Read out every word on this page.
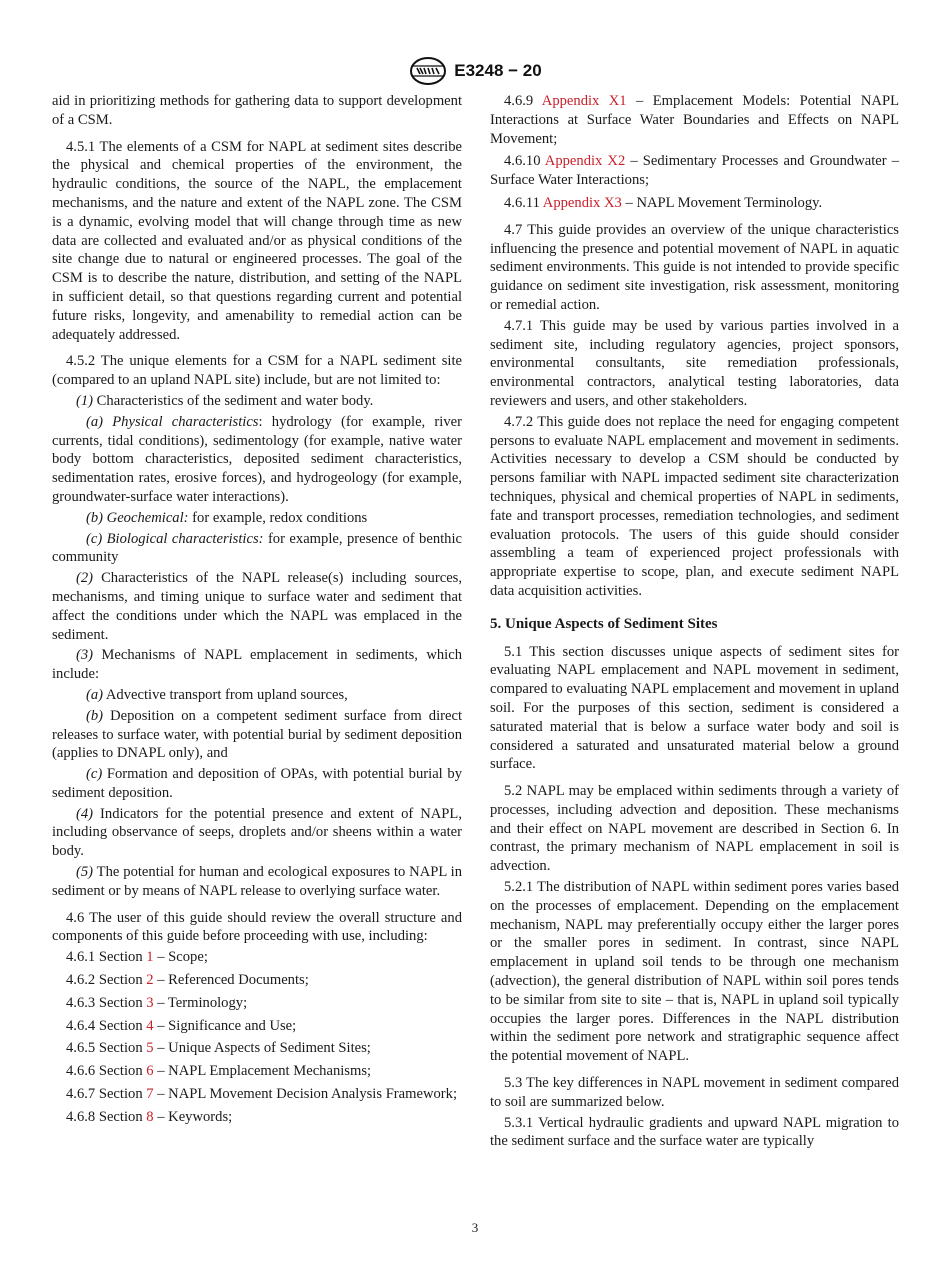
E3248 − 20

aid in prioritizing methods for gathering data to support development of a CSM.

4.5.1 The elements of a CSM for NAPL at sediment sites describe the physical and chemical properties of the environment, the hydraulic conditions, the source of the NAPL, the emplacement mechanisms, and the nature and extent of the NAPL zone. The CSM is a dynamic, evolving model that will change through time as new data are collected and evaluated and/or as physical conditions of the site change due to natural or engineered processes. The goal of the CSM is to describe the nature, distribution, and setting of the NAPL in sufficient detail, so that questions regarding current and potential future risks, longevity, and amenability to remedial action can be adequately addressed.

4.5.2 The unique elements for a CSM for a NAPL sediment site (compared to an upland NAPL site) include, but are not limited to:

(1) Characteristics of the sediment and water body.

(a) Physical characteristics: hydrology (for example, river currents, tidal conditions), sedimentology (for example, native water body bottom characteristics, deposited sediment characteristics, sedimentation rates, erosive forces), and hydrogeology (for example, groundwater-surface water interactions).

(b) Geochemical: for example, redox conditions

(c) Biological characteristics: for example, presence of benthic community

(2) Characteristics of the NAPL release(s) including sources, mechanisms, and timing unique to surface water and sediment that affect the conditions under which the NAPL was emplaced in the sediment.

(3) Mechanisms of NAPL emplacement in sediments, which include:

(a) Advective transport from upland sources,

(b) Deposition on a competent sediment surface from direct releases to surface water, with potential burial by sediment deposition (applies to DNAPL only), and

(c) Formation and deposition of OPAs, with potential burial by sediment deposition.

(4) Indicators for the potential presence and extent of NAPL, including observance of seeps, droplets and/or sheens within a water body.

(5) The potential for human and ecological exposures to NAPL in sediment or by means of NAPL release to overlying surface water.

4.6 The user of this guide should review the overall structure and components of this guide before proceeding with use, including:

4.6.1 Section 1 – Scope;

4.6.2 Section 2 – Referenced Documents;

4.6.3 Section 3 – Terminology;

4.6.4 Section 4 – Significance and Use;

4.6.5 Section 5 – Unique Aspects of Sediment Sites;

4.6.6 Section 6 – NAPL Emplacement Mechanisms;

4.6.7 Section 7 – NAPL Movement Decision Analysis Framework;

4.6.8 Section 8 – Keywords;

4.6.9 Appendix X1 – Emplacement Models: Potential NAPL Interactions at Surface Water Boundaries and Effects on NAPL Movement;

4.6.10 Appendix X2 – Sedimentary Processes and Groundwater – Surface Water Interactions;

4.6.11 Appendix X3 – NAPL Movement Terminology.

4.7 This guide provides an overview of the unique characteristics influencing the presence and potential movement of NAPL in aquatic sediment environments. This guide is not intended to provide specific guidance on sediment site investigation, risk assessment, monitoring or remedial action.

4.7.1 This guide may be used by various parties involved in a sediment site, including regulatory agencies, project sponsors, environmental consultants, site remediation professionals, environmental contractors, analytical testing laboratories, data reviewers and users, and other stakeholders.

4.7.2 This guide does not replace the need for engaging competent persons to evaluate NAPL emplacement and movement in sediments. Activities necessary to develop a CSM should be conducted by persons familiar with NAPL impacted sediment site characterization techniques, physical and chemical properties of NAPL in sediments, fate and transport processes, remediation technologies, and sediment evaluation protocols. The users of this guide should consider assembling a team of experienced project professionals with appropriate expertise to scope, plan, and execute sediment NAPL data acquisition activities.

5. Unique Aspects of Sediment Sites

5.1 This section discusses unique aspects of sediment sites for evaluating NAPL emplacement and NAPL movement in sediment, compared to evaluating NAPL emplacement and movement in upland soil. For the purposes of this section, sediment is considered a saturated material that is below a surface water body and soil is considered a saturated and unsaturated material below a ground surface.

5.2 NAPL may be emplaced within sediments through a variety of processes, including advection and deposition. These mechanisms and their effect on NAPL movement are described in Section 6. In contrast, the primary mechanism of NAPL emplacement in soil is advection.

5.2.1 The distribution of NAPL within sediment pores varies based on the processes of emplacement. Depending on the emplacement mechanism, NAPL may preferentially occupy either the larger pores or the smaller pores in sediment. In contrast, since NAPL emplacement in upland soil tends to be through one mechanism (advection), the general distribution of NAPL within soil pores tends to be similar from site to site – that is, NAPL in upland soil typically occupies the larger pores. Differences in the NAPL distribution within the sediment pore network and stratigraphic sequence affect the potential movement of NAPL.

5.3 The key differences in NAPL movement in sediment compared to soil are summarized below.

5.3.1 Vertical hydraulic gradients and upward NAPL migration to the sediment surface and the surface water are typically

3
